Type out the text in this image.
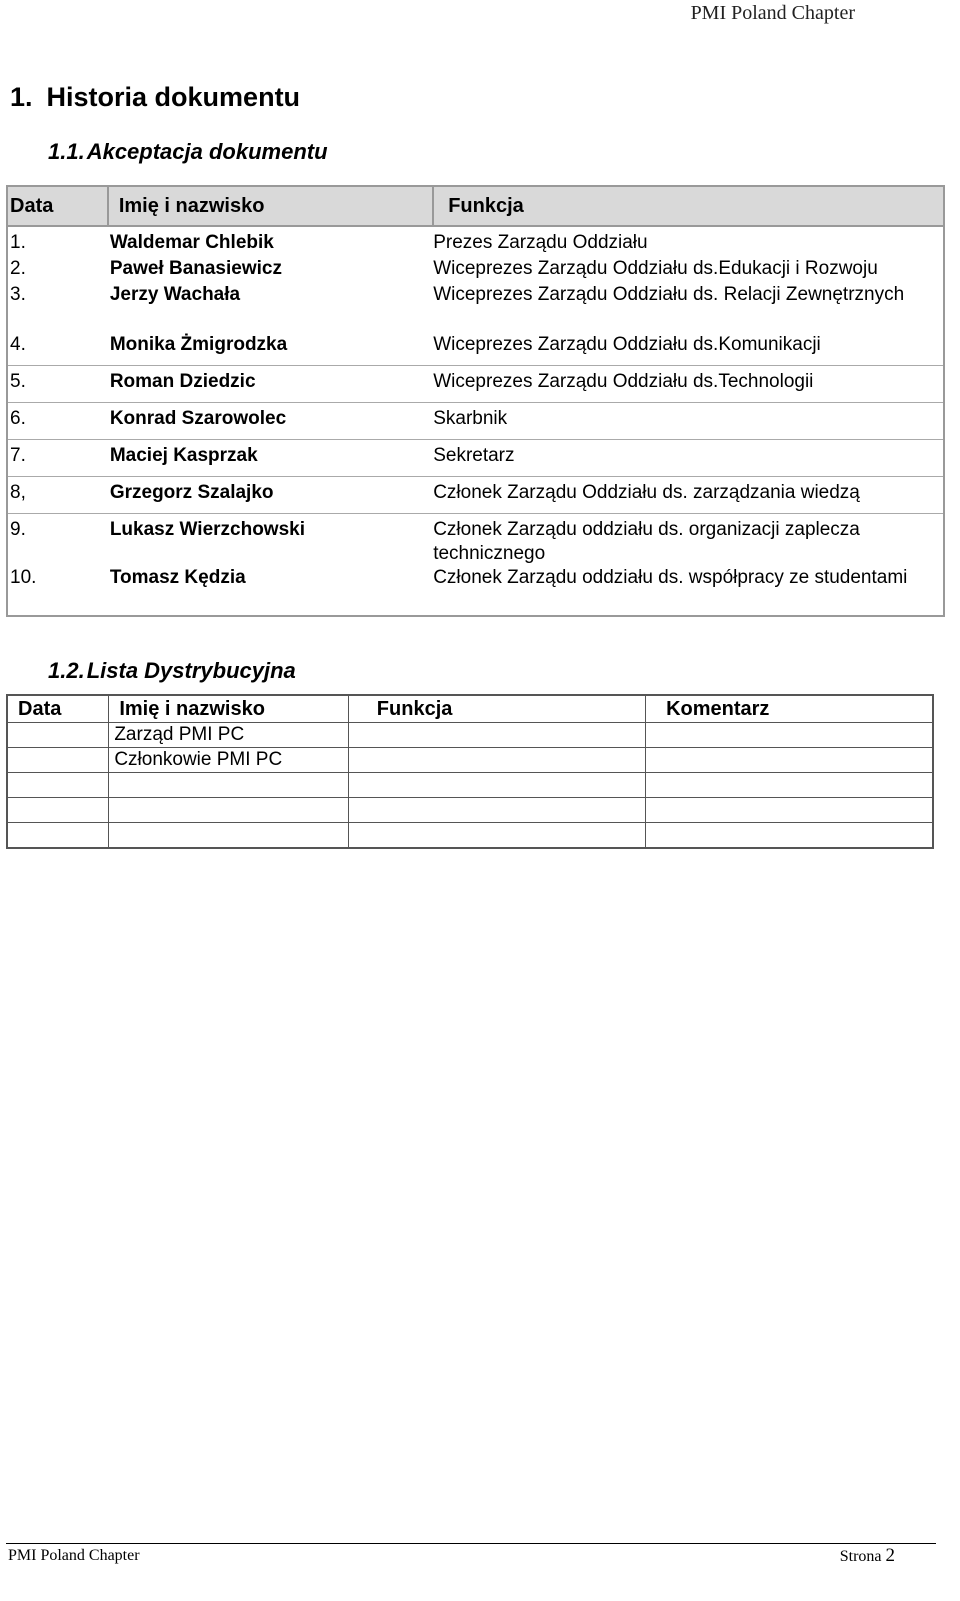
PMI Poland Chapter
1. Historia dokumentu
1.1.Akceptacja dokumentu
Data	Imię i nazwisko	Funkcja
1.	Waldemar Chlebik	Prezes Zarządu Oddziału
2.	Paweł Banasiewicz	Wiceprezes Zarządu Oddziału ds.Edukacji i Rozwoju
3.	Jerzy Wachała	Wiceprezes Zarządu Oddziału ds. Relacji Zewnętrznych
4.	Monika Żmigrodzka	Wiceprezes Zarządu Oddziału ds.Komunikacji
5.	Roman Dziedzic	Wiceprezes Zarządu Oddziału ds.Technologii
6.	Konrad Szarowolec	Skarbnik
7.	Maciej Kasprzak	Sekretarz
8,	Grzegorz Szalajko	Członek Zarządu Oddziału ds. zarządzania wiedzą
9.	Lukasz Wierzchowski	Członek Zarządu oddziału ds. organizacji zaplecza technicznego
10.	Tomasz Kędzia	Członek Zarządu oddziału ds. współpracy ze studentami
1.2.Lista Dystrybucyjna
Data	Imię i nazwisko	Funkcja	Komentarz
	Zarząd PMI PC		
	Członkowie PMI PC		

PMI Poland Chapter	Strona 2
